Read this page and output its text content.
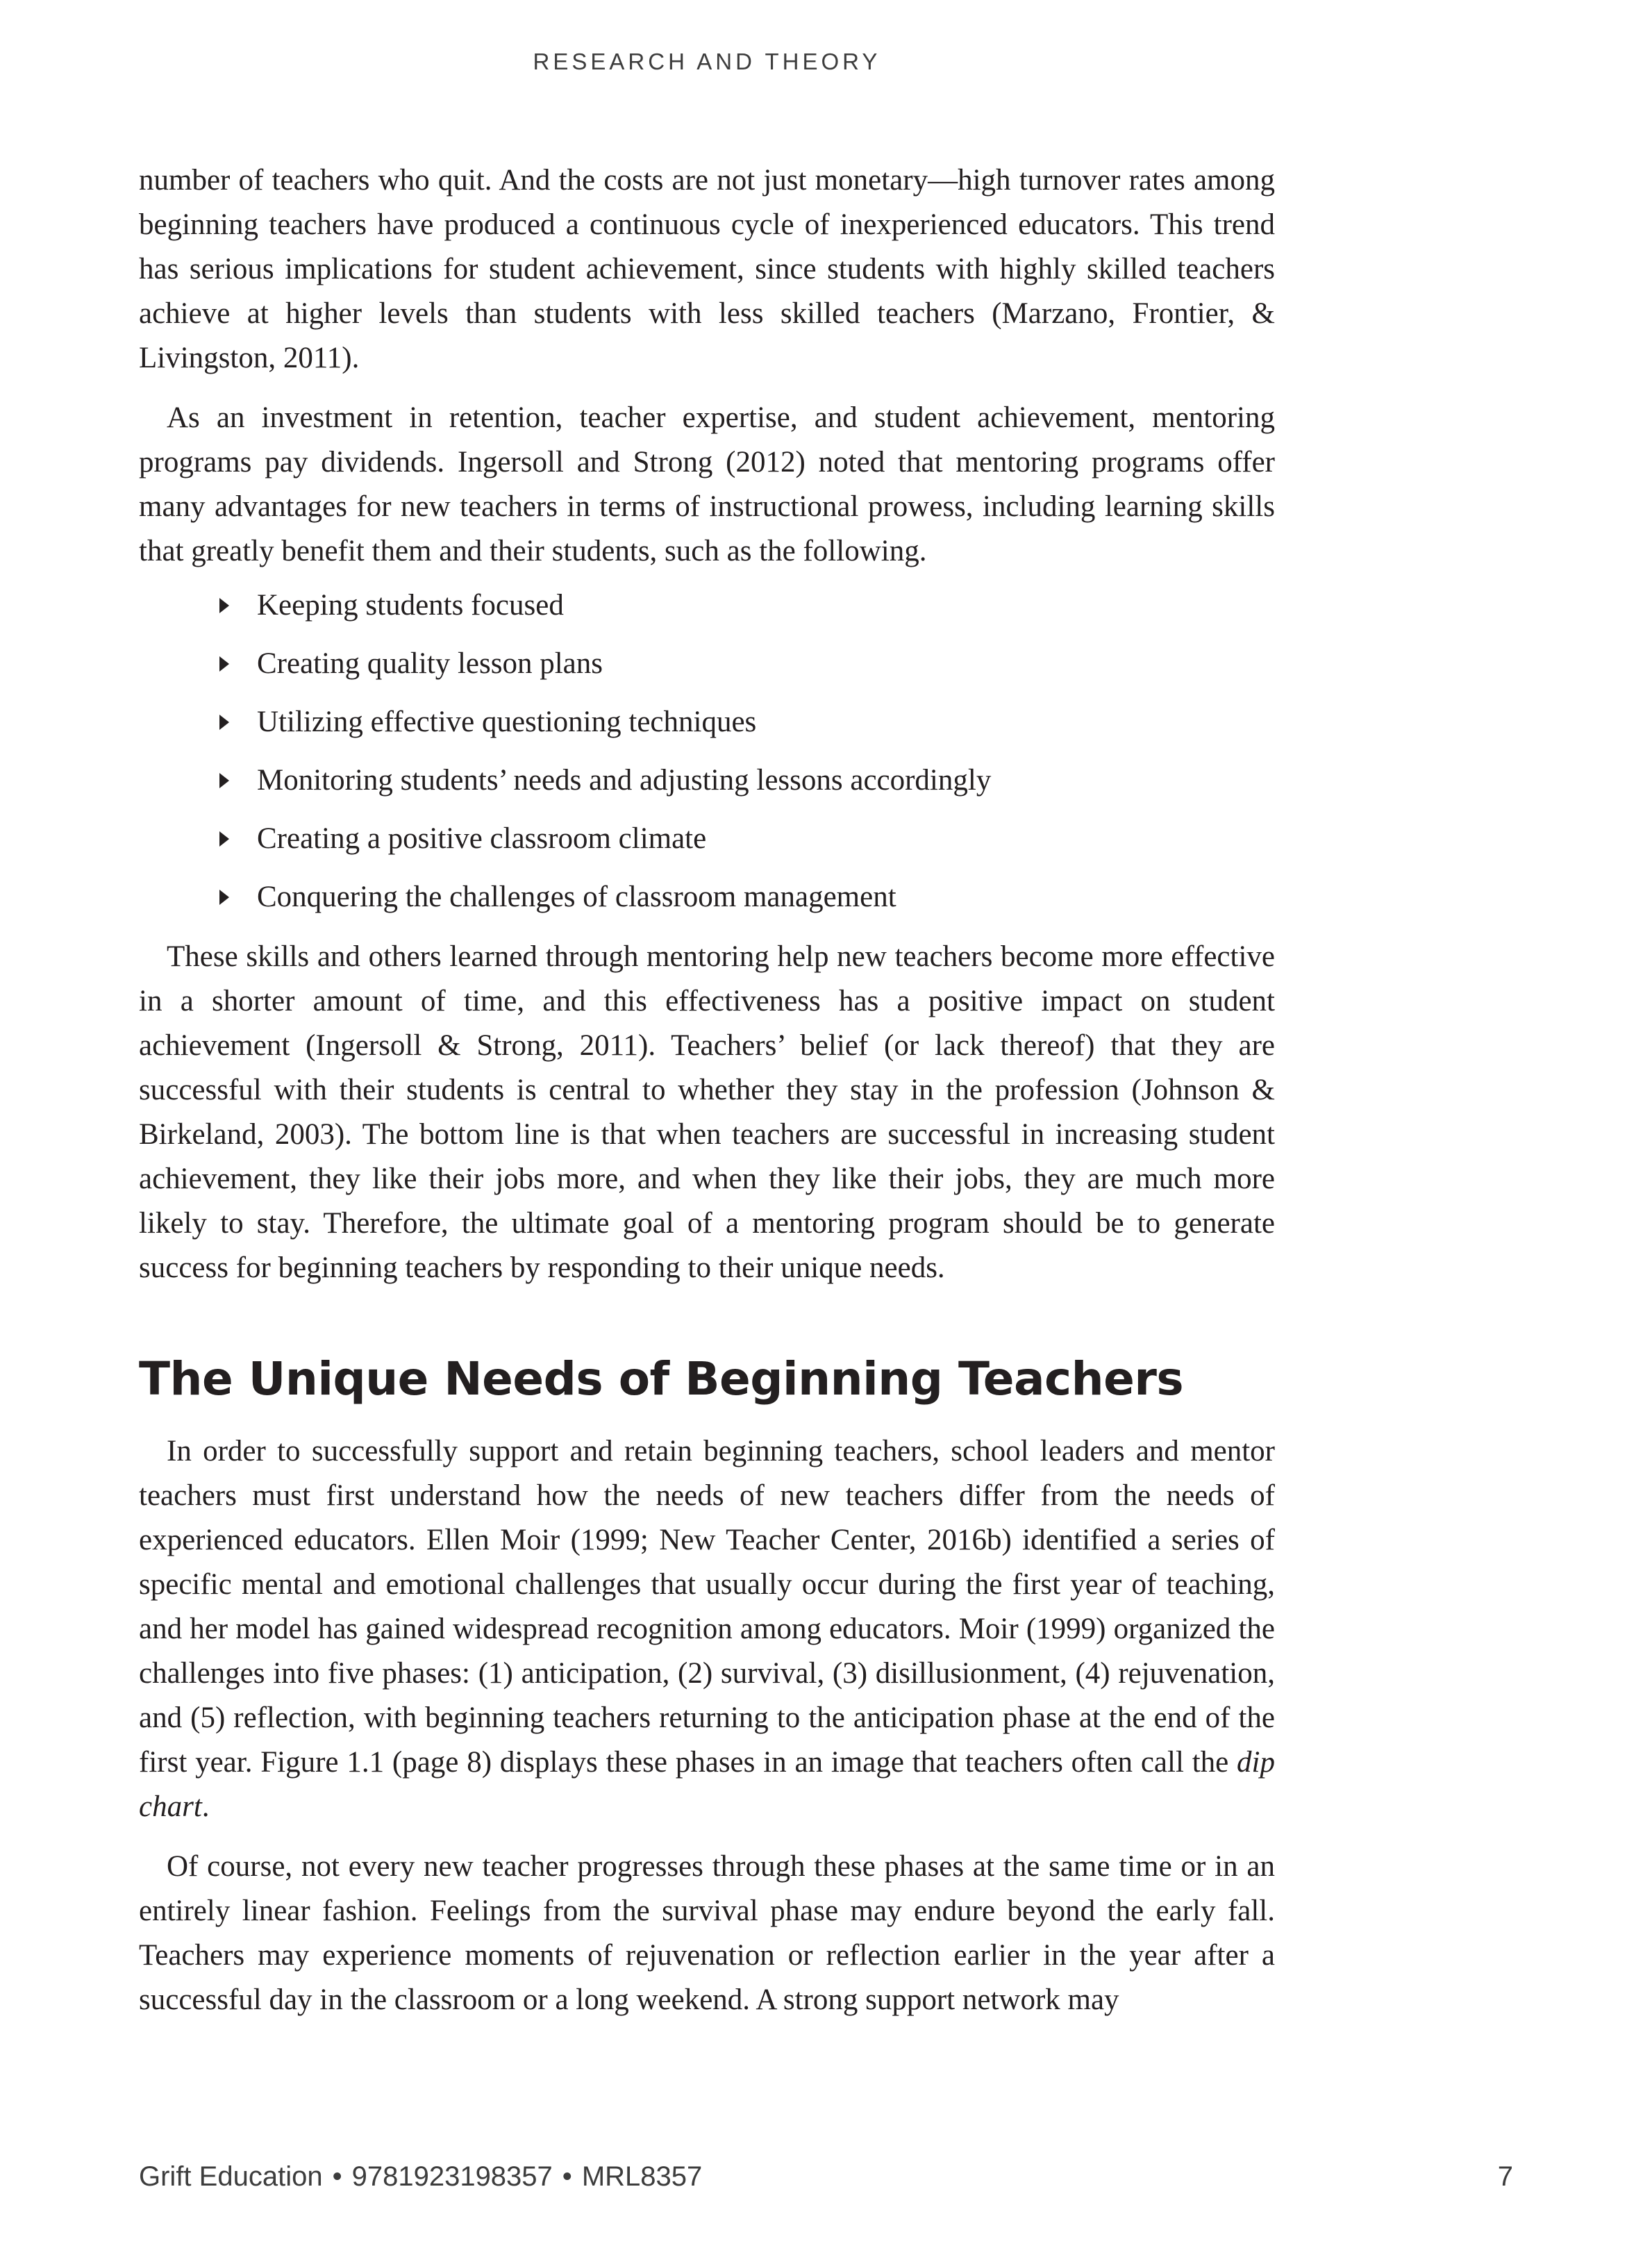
RESEARCH AND THEORY

number of teachers who quit. And the costs are not just monetary—high turnover rates among beginning teachers have produced a continuous cycle of inexperienced educators. This trend has serious implications for student achievement, since students with highly skilled teachers achieve at higher levels than students with less skilled teachers (Marzano, Frontier, & Livingston, 2011).

As an investment in retention, teacher expertise, and student achievement, mentoring programs pay dividends. Ingersoll and Strong (2012) noted that mentoring programs offer many advantages for new teachers in terms of instructional prowess, including learning skills that greatly benefit them and their students, such as the following.

Keeping students focused
Creating quality lesson plans
Utilizing effective questioning techniques
Monitoring students’ needs and adjusting lessons accordingly
Creating a positive classroom climate
Conquering the challenges of classroom management

These skills and others learned through mentoring help new teachers become more effective in a shorter amount of time, and this effectiveness has a positive impact on student achievement (Ingersoll & Strong, 2011). Teachers’ belief (or lack thereof) that they are successful with their students is central to whether they stay in the profession (Johnson & Birkeland, 2003). The bottom line is that when teachers are successful in increasing student achievement, they like their jobs more, and when they like their jobs, they are much more likely to stay. Therefore, the ultimate goal of a mentoring program should be to generate success for beginning teachers by responding to their unique needs.

The Unique Needs of Beginning Teachers

In order to successfully support and retain beginning teachers, school leaders and mentor teachers must first understand how the needs of new teachers differ from the needs of experienced educators. Ellen Moir (1999; New Teacher Center, 2016b) identified a series of specific mental and emotional challenges that usually occur during the first year of teaching, and her model has gained widespread recognition among educators. Moir (1999) organized the challenges into five phases: (1) anticipation, (2) survival, (3) disillusionment, (4) rejuvenation, and (5) reflection, with beginning teachers returning to the anticipation phase at the end of the first year. Figure 1.1 (page 8) displays these phases in an image that teachers often call the dip chart.

Of course, not every new teacher progresses through these phases at the same time or in an entirely linear fashion. Feelings from the survival phase may endure beyond the early fall. Teachers may experience moments of rejuvenation or reflection earlier in the year after a successful day in the classroom or a long weekend. A strong support network may

Grift Education • 9781923198357 • MRL8357	7
